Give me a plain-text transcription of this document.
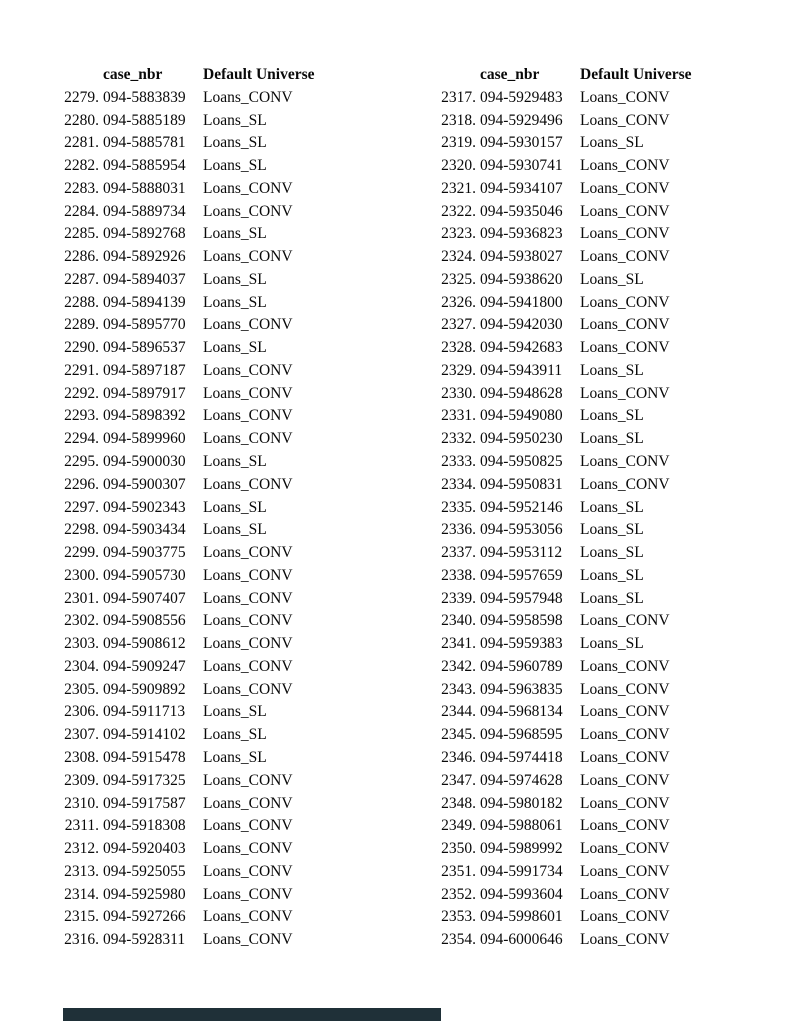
case_nbr	Default Universe
2279. 094-5883839	Loans_CONV
2280. 094-5885189	Loans_SL
2281. 094-5885781	Loans_SL
2282. 094-5885954	Loans_SL
2283. 094-5888031	Loans_CONV
2284. 094-5889734	Loans_CONV
2285. 094-5892768	Loans_SL
2286. 094-5892926	Loans_CONV
2287. 094-5894037	Loans_SL
2288. 094-5894139	Loans_SL
2289. 094-5895770	Loans_CONV
2290. 094-5896537	Loans_SL
2291. 094-5897187	Loans_CONV
2292. 094-5897917	Loans_CONV
2293. 094-5898392	Loans_CONV
2294. 094-5899960	Loans_CONV
2295. 094-5900030	Loans_SL
2296. 094-5900307	Loans_CONV
2297. 094-5902343	Loans_SL
2298. 094-5903434	Loans_SL
2299. 094-5903775	Loans_CONV
2300. 094-5905730	Loans_CONV
2301. 094-5907407	Loans_CONV
2302. 094-5908556	Loans_CONV
2303. 094-5908612	Loans_CONV
2304. 094-5909247	Loans_CONV
2305. 094-5909892	Loans_CONV
2306. 094-5911713	Loans_SL
2307. 094-5914102	Loans_SL
2308. 094-5915478	Loans_SL
2309. 094-5917325	Loans_CONV
2310. 094-5917587	Loans_CONV
2311. 094-5918308	Loans_CONV
2312. 094-5920403	Loans_CONV
2313. 094-5925055	Loans_CONV
2314. 094-5925980	Loans_CONV
2315. 094-5927266	Loans_CONV
2316. 094-5928311	Loans_CONV
case_nbr	Default Universe
2317. 094-5929483	Loans_CONV
2318. 094-5929496	Loans_CONV
2319. 094-5930157	Loans_SL
2320. 094-5930741	Loans_CONV
2321. 094-5934107	Loans_CONV
2322. 094-5935046	Loans_CONV
2323. 094-5936823	Loans_CONV
2324. 094-5938027	Loans_CONV
2325. 094-5938620	Loans_SL
2326. 094-5941800	Loans_CONV
2327. 094-5942030	Loans_CONV
2328. 094-5942683	Loans_CONV
2329. 094-5943911	Loans_SL
2330. 094-5948628	Loans_CONV
2331. 094-5949080	Loans_SL
2332. 094-5950230	Loans_SL
2333. 094-5950825	Loans_CONV
2334. 094-5950831	Loans_CONV
2335. 094-5952146	Loans_SL
2336. 094-5953056	Loans_SL
2337. 094-5953112	Loans_SL
2338. 094-5957659	Loans_SL
2339. 094-5957948	Loans_SL
2340. 094-5958598	Loans_CONV
2341. 094-5959383	Loans_SL
2342. 094-5960789	Loans_CONV
2343. 094-5963835	Loans_CONV
2344. 094-5968134	Loans_CONV
2345. 094-5968595	Loans_CONV
2346. 094-5974418	Loans_CONV
2347. 094-5974628	Loans_CONV
2348. 094-5980182	Loans_CONV
2349. 094-5988061	Loans_CONV
2350. 094-5989992	Loans_CONV
2351. 094-5991734	Loans_CONV
2352. 094-5993604	Loans_CONV
2353. 094-5998601	Loans_CONV
2354. 094-6000646	Loans_CONV
